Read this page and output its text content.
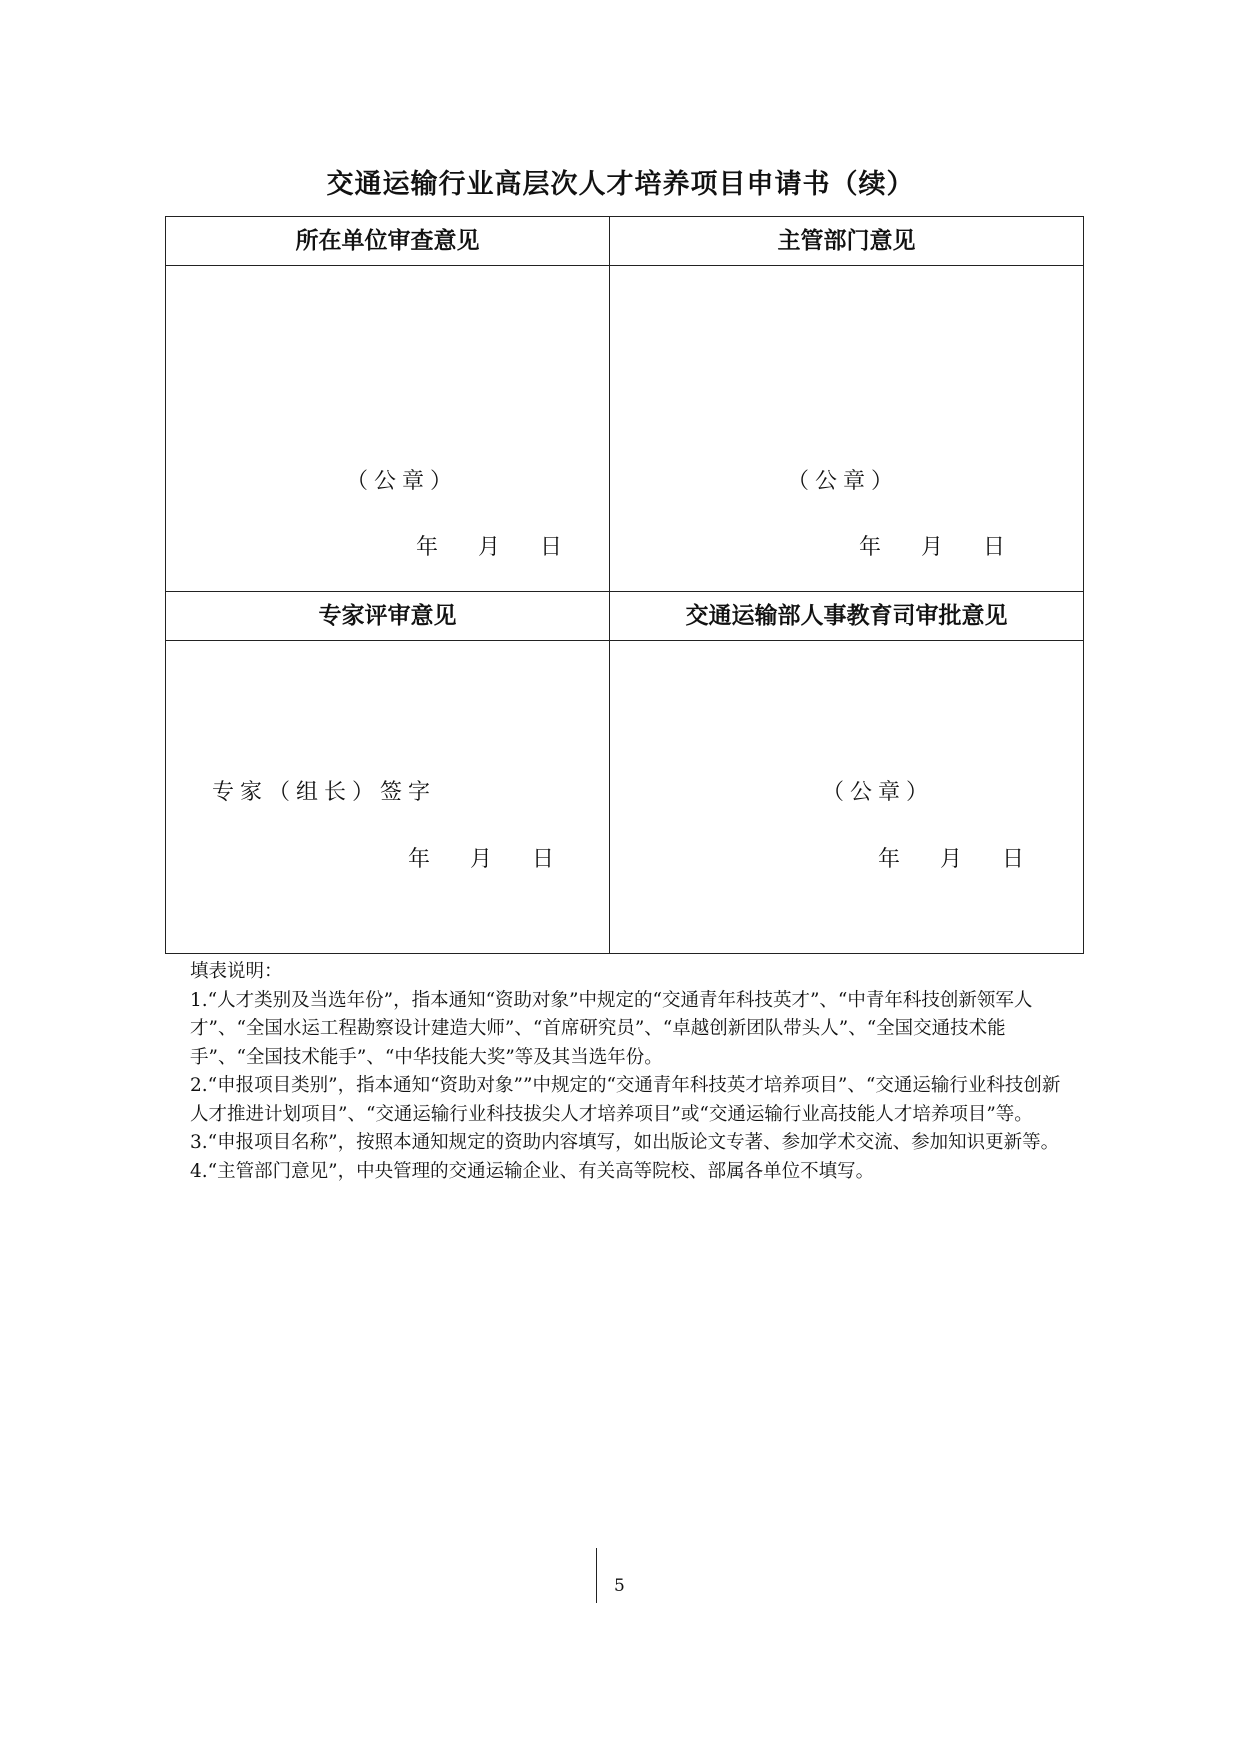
交通运输行业高层次人才培养项目申请书（续）
所在单位审查意见	主管部门意见
（公章）
年 月 日
（公章）
年 月 日
专家评审意见	交通运输部人事教育司审批意见
专家（组长）签字
年 月 日
（公章）
年 月 日
填表说明：
1.“人才类别及当选年份”，指本通知“资助对象”中规定的“交通青年科技英才”、“中青年科技创新领军人才”、“全国水运工程勘察设计建造大师”、“首席研究员”、“卓越创新团队带头人”、“全国交通技术能手”、“全国技术能手”、“中华技能大奖”等及其当选年份。
2.“申报项目类别”，指本通知“资助对象””中规定的“交通青年科技英才培养项目”、“交通运输行业科技创新人才推进计划项目”、“交通运输行业科技拔尖人才培养项目”或“交通运输行业高技能人才培养项目”等。
3.“申报项目名称”，按照本通知规定的资助内容填写，如出版论文专著、参加学术交流、参加知识更新等。
4.“主管部门意见”，中央管理的交通运输企业、有关高等院校、部属各单位不填写。
5
